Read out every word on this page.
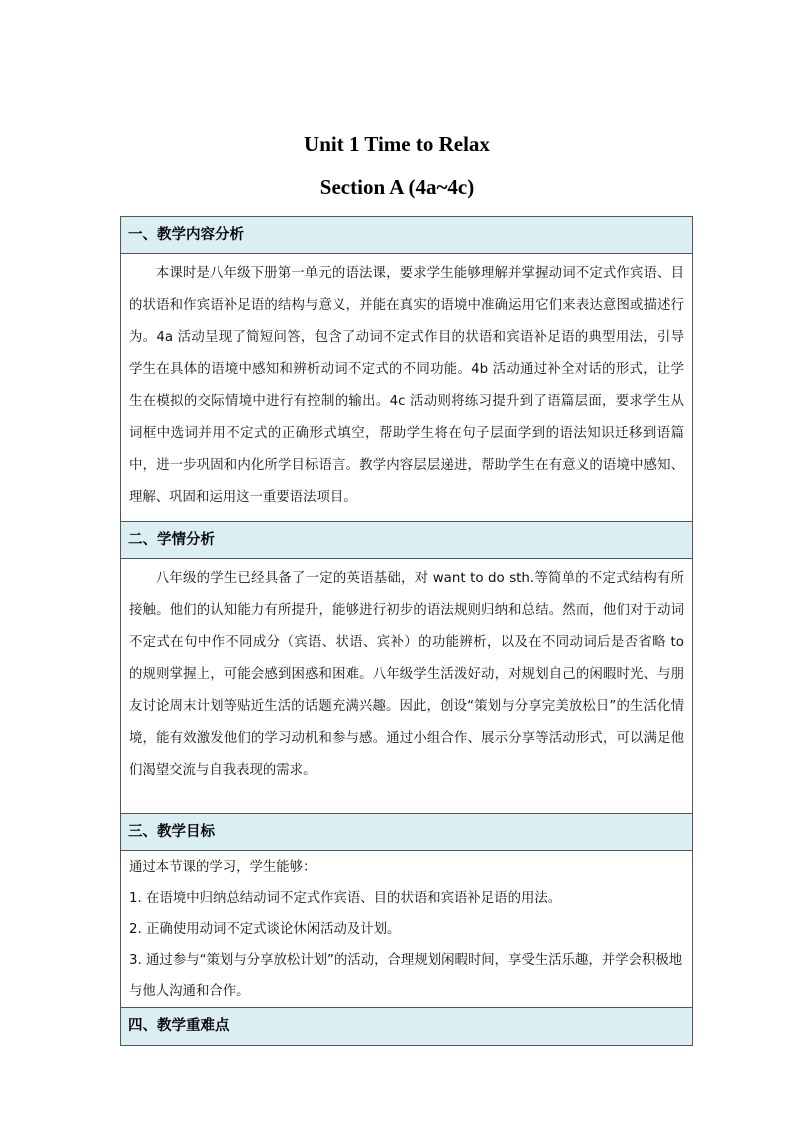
Unit 1 Time to Relax
Section A (4a~4c)
一、教学内容分析

本课时是八年级下册第一单元的语法课，要求学生能够理解并掌握动词不定式作宾语、目的状语和作宾语补足语的结构与意义，并能在真实的语境中准确运用它们来表达意图或描述行为。4a 活动呈现了简短问答，包含了动词不定式作目的状语和宾语补足语的典型用法，引导学生在具体的语境中感知和辨析动词不定式的不同功能。4b 活动通过补全对话的形式，让学生在模拟的交际情境中进行有控制的输出。4c 活动则将练习提升到了语篇层面，要求学生从词框中选词并用不定式的正确形式填空，帮助学生将在句子层面学到的语法知识迁移到语篇中，进一步巩固和内化所学目标语言。教学内容层层递进，帮助学生在有意义的语境中感知、理解、巩固和运用这一重要语法项目。

二、学情分析

八年级的学生已经具备了一定的英语基础，对 want to do sth.等简单的不定式结构有所接触。他们的认知能力有所提升，能够进行初步的语法规则归纳和总结。然而，他们对于动词不定式在句中作不同成分（宾语、状语、宾补）的功能辨析，以及在不同动词后是否省略 to 的规则掌握上，可能会感到困惑和困难。八年级学生活泼好动，对规划自己的闲暇时光、与朋友讨论周末计划等贴近生活的话题充满兴趣。因此，创设“策划与分享完美放松日”的生活化情境，能有效激发他们的学习动机和参与感。通过小组合作、展示分享等活动形式，可以满足他们渴望交流与自我表现的需求。

三、教学目标

通过本节课的学习，学生能够：

1. 在语境中归纳总结动词不定式作宾语、目的状语和宾语补足语的用法。

2. 正确使用动词不定式谈论休闲活动及计划。

3. 通过参与“策划与分享放松计划”的活动，合理规划闲暇时间，享受生活乐趣，并学会积极地与他人沟通和合作。

四、教学重难点
